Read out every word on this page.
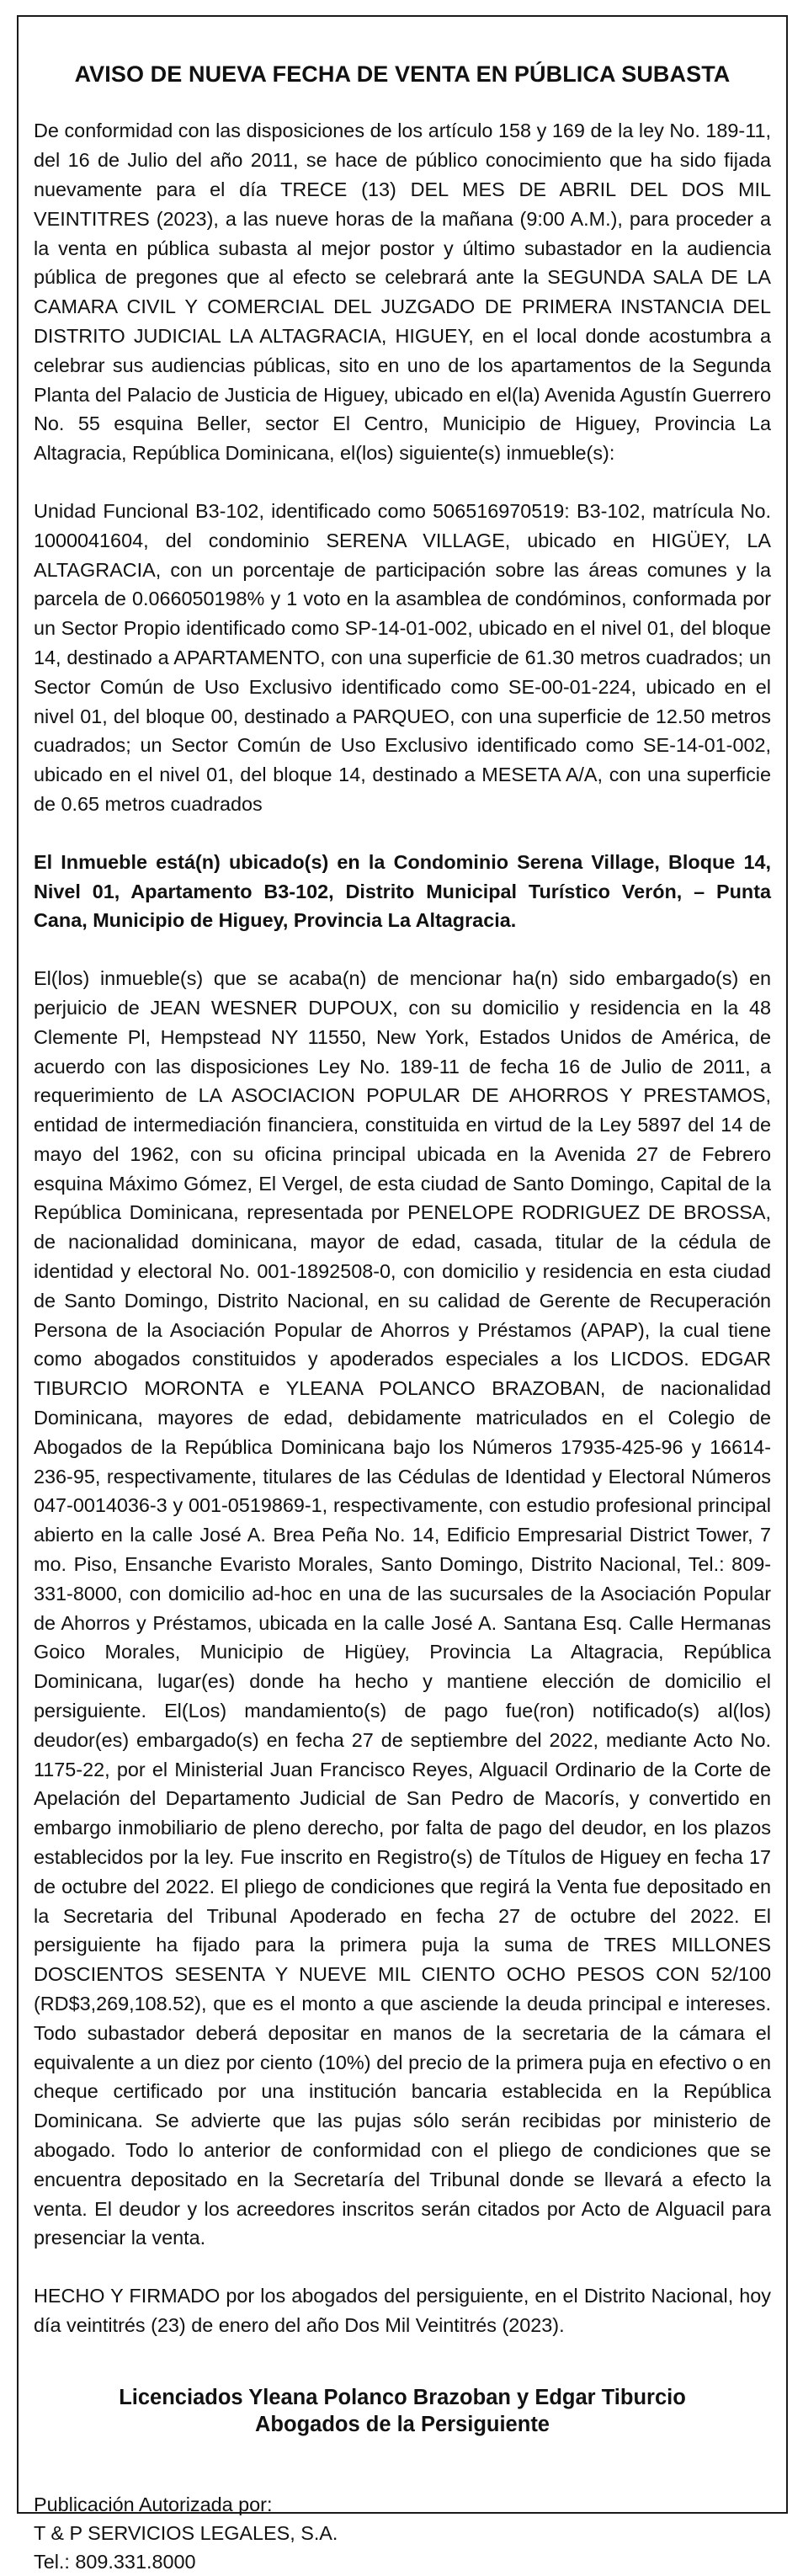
AVISO DE NUEVA FECHA DE VENTA EN PÚBLICA SUBASTA

De conformidad con las disposiciones de los artículo 158 y 169 de la ley No. 189-11, del 16 de Julio del año 2011, se hace de público conocimiento que ha sido fijada nuevamente para el día TRECE (13) DEL MES DE ABRIL DEL DOS MIL VEINTITRES (2023), a las nueve horas de la mañana (9:00 A.M.), para proceder a la venta en pública subasta al mejor postor y último subastador en la audiencia pública de pregones que al efecto se celebrará ante la SEGUNDA SALA DE LA CAMARA CIVIL Y COMERCIAL DEL JUZGADO DE PRIMERA INSTANCIA DEL DISTRITO JUDICIAL LA ALTAGRACIA, HIGUEY, en el local donde acostumbra a celebrar sus audiencias públicas, sito en uno de los apartamentos de la Segunda Planta del Palacio de Justicia de Higuey, ubicado en el(la) Avenida Agustín Guerrero No. 55 esquina Beller, sector El Centro, Municipio de Higuey, Provincia La Altagracia, República Dominicana, el(los) siguiente(s) inmueble(s):

Unidad Funcional B3-102, identificado como 506516970519: B3-102, matrícula No. 1000041604, del condominio SERENA VILLAGE, ubicado en HIGÜEY, LA ALTAGRACIA, con un porcentaje de participación sobre las áreas comunes y la parcela de 0.066050198% y 1 voto en la asamblea de condóminos, conformada por un Sector Propio identificado como SP-14-01-002, ubicado en el nivel 01, del bloque 14, destinado a APARTAMENTO, con una superficie de 61.30 metros cuadrados; un Sector Común de Uso Exclusivo identificado como SE-00-01-224, ubicado en el nivel 01, del bloque 00, destinado a PARQUEO, con una superficie de 12.50 metros cuadrados; un Sector Común de Uso Exclusivo identificado como SE-14-01-002, ubicado en el nivel 01, del bloque 14, destinado a MESETA A/A, con una superficie de 0.65 metros cuadrados

El Inmueble está(n) ubicado(s) en la Condominio Serena Village, Bloque 14, Nivel 01, Apartamento B3-102, Distrito Municipal Turístico Verón, – Punta Cana, Municipio de Higuey, Provincia La Altagracia.

El(los) inmueble(s) que se acaba(n) de mencionar ha(n) sido embargado(s) en perjuicio de JEAN WESNER DUPOUX, con su domicilio y residencia en la 48 Clemente Pl, Hempstead NY 11550, New York, Estados Unidos de América, de acuerdo con las disposiciones Ley No. 189-11 de fecha 16 de Julio de 2011, a requerimiento de LA ASOCIACION POPULAR DE AHORROS Y PRESTAMOS, entidad de intermediación financiera, constituida en virtud de la Ley 5897 del 14 de mayo del 1962, con su oficina principal ubicada en la Avenida 27 de Febrero esquina Máximo Gómez, El Vergel, de esta ciudad de Santo Domingo, Capital de la República Dominicana, representada por PENELOPE RODRIGUEZ DE BROSSA, de nacionalidad dominicana, mayor de edad, casada, titular de la cédula de identidad y electoral No. 001-1892508-0, con domicilio y residencia en esta ciudad de Santo Domingo, Distrito Nacional, en su calidad de Gerente de Recuperación Persona de la Asociación Popular de Ahorros y Préstamos (APAP), la cual tiene como abogados constituidos y apoderados especiales a los LICDOS. EDGAR TIBURCIO MORONTA e YLEANA POLANCO BRAZOBAN, de nacionalidad Dominicana, mayores de edad, debidamente matriculados en el Colegio de Abogados de la República Dominicana bajo los Números 17935-425-96 y 16614-236-95, respectivamente, titulares de las Cédulas de Identidad y Electoral Números 047-0014036-3 y 001-0519869-1, respectivamente, con estudio profesional principal abierto en la calle José A. Brea Peña No. 14, Edificio Empresarial District Tower, 7 mo. Piso, Ensanche Evaristo Morales, Santo Domingo, Distrito Nacional, Tel.: 809-331-8000, con domicilio ad-hoc en una de las sucursales de la Asociación Popular de Ahorros y Préstamos, ubicada en la calle José A. Santana Esq. Calle Hermanas Goico Morales, Municipio de Higüey, Provincia La Altagracia, República Dominicana, lugar(es) donde ha hecho y mantiene elección de domicilio el persiguiente. El(Los) mandamiento(s) de pago fue(ron) notificado(s) al(los) deudor(es) embargado(s) en fecha 27 de septiembre del 2022, mediante Acto No. 1175-22, por el Ministerial Juan Francisco Reyes, Alguacil Ordinario de la Corte de Apelación del Departamento Judicial de San Pedro de Macorís, y convertido en embargo inmobiliario de pleno derecho, por falta de pago del deudor, en los plazos establecidos por la ley. Fue inscrito en Registro(s) de Títulos de Higuey en fecha 17 de octubre del 2022. El pliego de condiciones que regirá la Venta fue depositado en la Secretaria del Tribunal Apoderado en fecha 27 de octubre del 2022. El persiguiente ha fijado para la primera puja la suma de TRES MILLONES DOSCIENTOS SESENTA Y NUEVE MIL CIENTO OCHO PESOS CON 52/100 (RD$3,269,108.52), que es el monto a que asciende la deuda principal e intereses. Todo subastador deberá depositar en manos de la secretaria de la cámara el equivalente a un diez por ciento (10%) del precio de la primera puja en efectivo o en cheque certificado por una institución bancaria establecida en la República Dominicana. Se advierte que las pujas sólo serán recibidas por ministerio de abogado. Todo lo anterior de conformidad con el pliego de condiciones que se encuentra depositado en la Secretaría del Tribunal donde se llevará a efecto la venta. El deudor y los acreedores inscritos serán citados por Acto de Alguacil para presenciar la venta.

HECHO Y FIRMADO por los abogados del persiguiente, en el Distrito Nacional, hoy día veintitrés (23) de enero del año Dos Mil Veintitrés (2023).

Licenciados Yleana Polanco Brazoban y Edgar Tiburcio
Abogados de la Persiguiente
Publicación Autorizada por:
T & P SERVICIOS LEGALES, S.A.
Tel.: 809.331.8000
